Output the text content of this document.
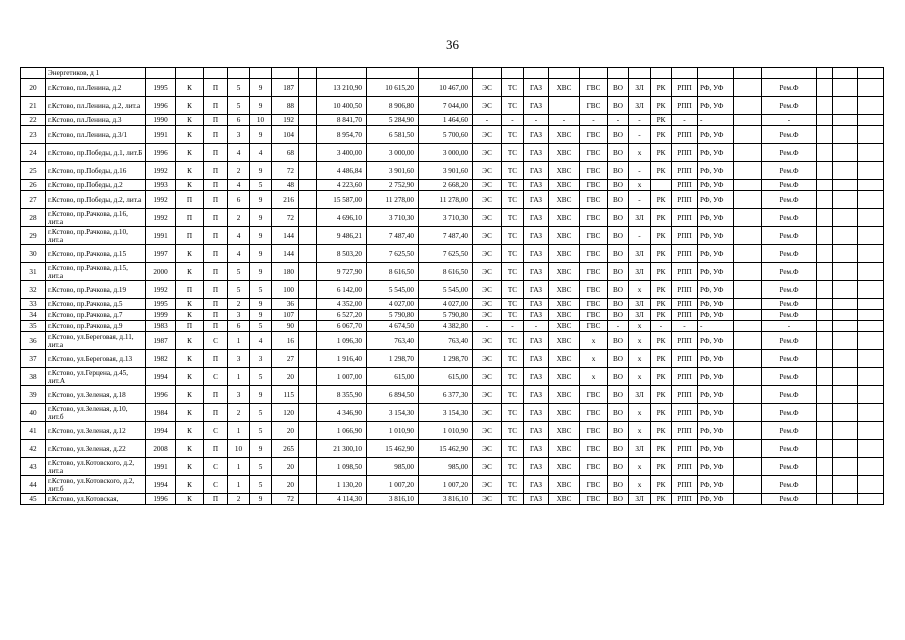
36
	Энергетиков, д 1																									
20	г.Кстово, пл.Ленина, д.2	1995	К	П	5	9	187		13 210,90	10 615,20	10 467,00	ЭС	ТС	ГАЗ	ХВС	ГВС	ВО	ЗЛ	РК	РПП	РФ, УФ		Рем.Ф			
21	г.Кстово, пл.Ленина, д.2, лит.а	1996	К	П	5	9	88		10 400,50	8 906,80	7 044,00	ЭС	ТС	ГАЗ		ГВС	ВО	ЗЛ	РК	РПП	РФ, УФ		Рем.Ф			
22	г.Кстово, пл.Ленина, д.3	1990	К	П	6	10	192		8 841,70	5 284,90	1 464,60	-	-	-	-	-	-	-	РК	-	-		-			
23	г.Кстово, пл.Ленина, д.3/1	1991	К	П	3	9	104		8 954,70	6 581,50	5 700,60	ЭС	ТС	ГАЗ	ХВС	ГВС	ВО	-	РК	РПП	РФ, УФ		Рем.Ф			
24	г.Кстово, пр.Победы, д.1, лит.Б	1996	К	П	4	4	68		3 400,00	3 000,00	3 000,00	ЭС	ТС	ГАЗ	ХВС	ГВС	ВО	х	РК	РПП	РФ, УФ		Рем.Ф			
25	г.Кстово, пр.Победы, д.16	1992	К	П	2	9	72		4 486,84	3 901,60	3 901,60	ЭС	ТС	ГАЗ	ХВС	ГВС	ВО	-	РК	РПП	РФ, УФ		Рем.Ф			
26	г.Кстово, пр.Победы, д.2	1993	К	П	4	5	48		4 223,60	2 752,90	2 668,20	ЭС	ТС	ГАЗ	ХВС	ГВС	ВО	х		РПП	РФ, УФ		Рем.Ф			
27	г.Кстово, пр.Победы, д.2, лит.а	1992	П	П	6	9	216		15 587,00	11 278,00	11 278,00	ЭС	ТС	ГАЗ	ХВС	ГВС	ВО	-	РК	РПП	РФ, УФ		Рем.Ф			
28	г.Кстово, пр.Рачкова, д.16, лит.а	1992	П	П	2	9	72		4 696,10	3 710,30	3 710,30	ЭС	ТС	ГАЗ	ХВС	ГВС	ВО	ЗЛ	РК	РПП	РФ, УФ		Рем.Ф			
29	г.Кстово, пр.Рачкова, д.10, лит.а	1991	П	П	4	9	144		9 486,21	7 487,40	7 487,40	ЭС	ТС	ГАЗ	ХВС	ГВС	ВО	-	РК	РПП	РФ, УФ		Рем.Ф			
30	г.Кстово, пр.Рачкова, д.15	1997	К	П	4	9	144		8 503,20	7 625,50	7 625,50	ЭС	ТС	ГАЗ	ХВС	ГВС	ВО	ЗЛ	РК	РПП	РФ, УФ		Рем.Ф			
31	г.Кстово, пр.Рачкова, д.15, лит.а	2000	К	П	5	9	180		9 727,90	8 616,50	8 616,50	ЭС	ТС	ГАЗ	ХВС	ГВС	ВО	ЗЛ	РК	РПП	РФ, УФ		Рем.Ф			
32	г.Кстово, пр.Рачкова, д.19	1992	П	П	5	5	100		6 142,00	5 545,00	5 545,00	ЭС	ТС	ГАЗ	ХВС	ГВС	ВО	х	РК	РПП	РФ, УФ		Рем.Ф			
33	г.Кстово, пр.Рачкова, д.5	1995	К	П	2	9	36		4 352,00	4 027,00	4 027,00	ЭС	ТС	ГАЗ	ХВС	ГВС	ВО	ЗЛ	РК	РПП	РФ, УФ		Рем.Ф			
34	г.Кстово, пр.Рачкова, д.7	1999	К	П	3	9	107		6 527,20	5 790,80	5 790,80	ЭС	ТС	ГАЗ	ХВС	ГВС	ВО	ЗЛ	РК	РПП	РФ, УФ		Рем.Ф			
35	г.Кстово, пр.Рачкова, д.9	1983	П	П	6	5	90		6 067,70	4 674,50	4 382,80	-	-	-	ХВС	ГВС	-	х	-	-	-		-			
36	г.Кстово, ул.Береговая, д.11, лит.а	1987	К	С	1	4	16		1 096,30	763,40	763,40	ЭС	ТС	ГАЗ	ХВС	х	ВО	х	РК	РПП	РФ, УФ		Рем.Ф			
37	г.Кстово, ул.Береговая, д.13	1982	К	П	3	3	27		1 916,40	1 298,70	1 298,70	ЭС	ТС	ГАЗ	ХВС	х	ВО	х	РК	РПП	РФ, УФ		Рем.Ф			
38	г.Кстово, ул.Герцена, д.45, лит.А	1994	К	С	1	5	20		1 007,00	615,00	615,00	ЭС	ТС	ГАЗ	ХВС	х	ВО	х	РК	РПП	РФ, УФ		Рем.Ф			
39	г.Кстово, ул.Зеленая, д.18	1996	К	П	3	9	115		8 355,90	6 894,50	6 377,30	ЭС	ТС	ГАЗ	ХВС	ГВС	ВО	ЗЛ	РК	РПП	РФ, УФ		Рем.Ф			
40	г.Кстово, ул.Зеленая, д.10, лит.б	1984	К	П	2	5	120		4 346,90	3 154,30	3 154,30	ЭС	ТС	ГАЗ	ХВС	ГВС	ВО	х	РК	РПП	РФ, УФ		Рем.Ф			
41	г.Кстово, ул.Зеленая, д.12	1994	К	С	1	5	20		1 066,90	1 010,90	1 010,90	ЭС	ТС	ГАЗ	ХВС	ГВС	ВО	х	РК	РПП	РФ, УФ		Рем.Ф			
42	г.Кстово, ул.Зеленая, д.22	2008	К	П	10	9	265		21 300,10	15 462,90	15 462,90	ЭС	ТС	ГАЗ	ХВС	ГВС	ВО	ЗЛ	РК	РПП	РФ, УФ		Рем.Ф			
43	г.Кстово, ул.Котовского, д.2, лит.а	1991	К	С	1	5	20		1 098,50	985,00	985,00	ЭС	ТС	ГАЗ	ХВС	ГВС	ВО	х	РК	РПП	РФ, УФ		Рем.Ф			
44	г.Кстово, ул.Котовского, д.2, лит.б	1994	К	С	1	5	20		1 130,20	1 007,20	1 007,20	ЭС	ТС	ГАЗ	ХВС	ГВС	ВО	х	РК	РПП	РФ, УФ		Рем.Ф			
45	г.Кстово, ул.Котовская,	1996	К	П	2	9	72		4 114,30	3 816,10	3 816,10	ЭС	ТС	ГАЗ	ХВС	ГВС	ВО	ЗЛ	РК	РПП	РФ, УФ		Рем.Ф			
